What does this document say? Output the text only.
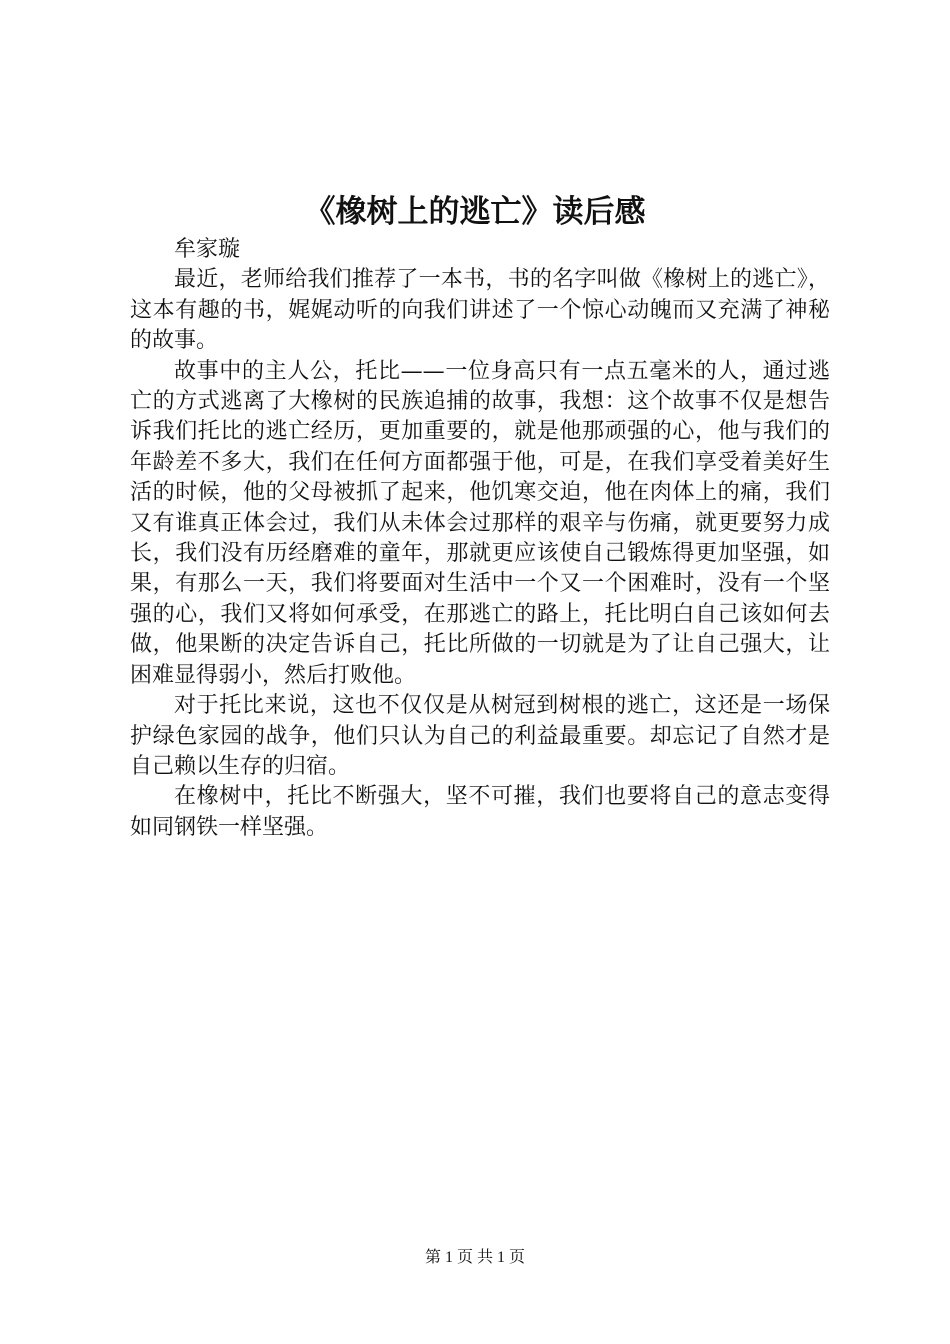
《橡树上的逃亡》读后感

牟家璇

最近，老师给我们推荐了一本书，书的名字叫做《橡树上的逃亡》，这本有趣的书，娓娓动听的向我们讲述了一个惊心动魄而又充满了神秘的故事。

故事中的主人公，托比——一位身高只有一点五毫米的人，通过逃亡的方式逃离了大橡树的民族追捕的故事，我想：这个故事不仅是想告诉我们托比的逃亡经历，更加重要的，就是他那顽强的心，他与我们的年龄差不多大，我们在任何方面都强于他，可是，在我们享受着美好生活的时候，他的父母被抓了起来，他饥寒交迫，他在肉体上的痛，我们又有谁真正体会过，我们从未体会过那样的艰辛与伤痛，就更要努力成长，我们没有历经磨难的童年，那就更应该使自己锻炼得更加坚强，如果，有那么一天，我们将要面对生活中一个又一个困难时，没有一个坚强的心，我们又将如何承受，在那逃亡的路上，托比明白自己该如何去做，他果断的决定告诉自己，托比所做的一切就是为了让自己强大，让困难显得弱小，然后打败他。

对于托比来说，这也不仅仅是从树冠到树根的逃亡，这还是一场保护绿色家园的战争，他们只认为自己的利益最重要。却忘记了自然才是自己赖以生存的归宿。

在橡树中，托比不断强大，坚不可摧，我们也要将自己的意志变得如同钢铁一样坚强。

第 1 页 共 1 页
